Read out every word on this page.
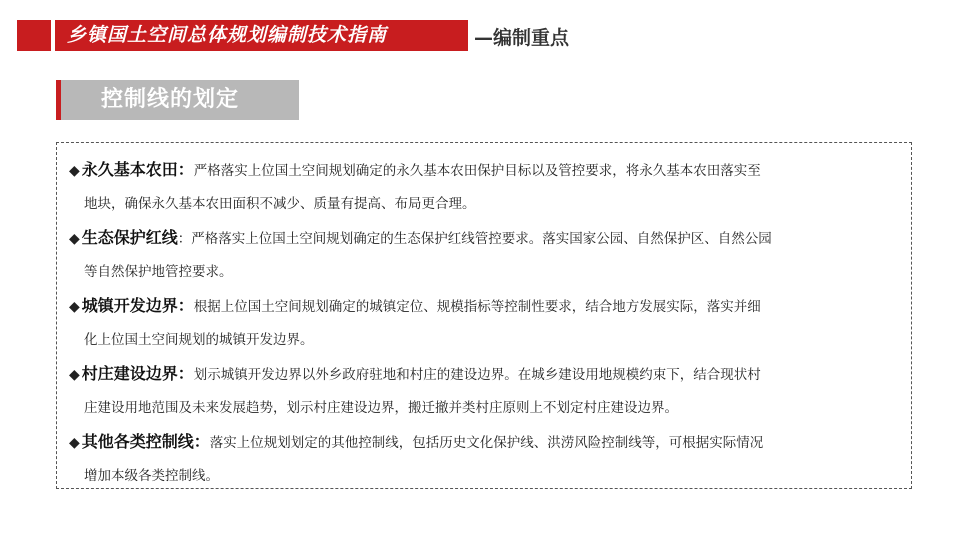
乡镇国土空间总体规划编制技术指南	—编制重点
控制线的划定
◆ 永久基本农田：严格落实上位国土空间规划确定的永久基本农田保护目标以及管控要求，将永久基本农田落实至
地块，确保永久基本农田面积不减少、质量有提高、布局更合理。
◆ 生态保护红线：严格落实上位国土空间规划确定的生态保护红线管控要求。落实国家公园、自然保护区、自然公园
等自然保护地管控要求。
◆ 城镇开发边界：根据上位国土空间规划确定的城镇定位、规模指标等控制性要求，结合地方发展实际，落实并细
化上位国土空间规划的城镇开发边界。
◆ 村庄建设边界：划示城镇开发边界以外乡政府驻地和村庄的建设边界。在城乡建设用地规模约束下，结合现状村
庄建设用地范围及未来发展趋势，划示村庄建设边界，搬迁撤并类村庄原则上不划定村庄建设边界。
◆ 其他各类控制线：落实上位规划划定的其他控制线，包括历史文化保护线、洪涝风险控制线等，可根据实际情况
增加本级各类控制线。
